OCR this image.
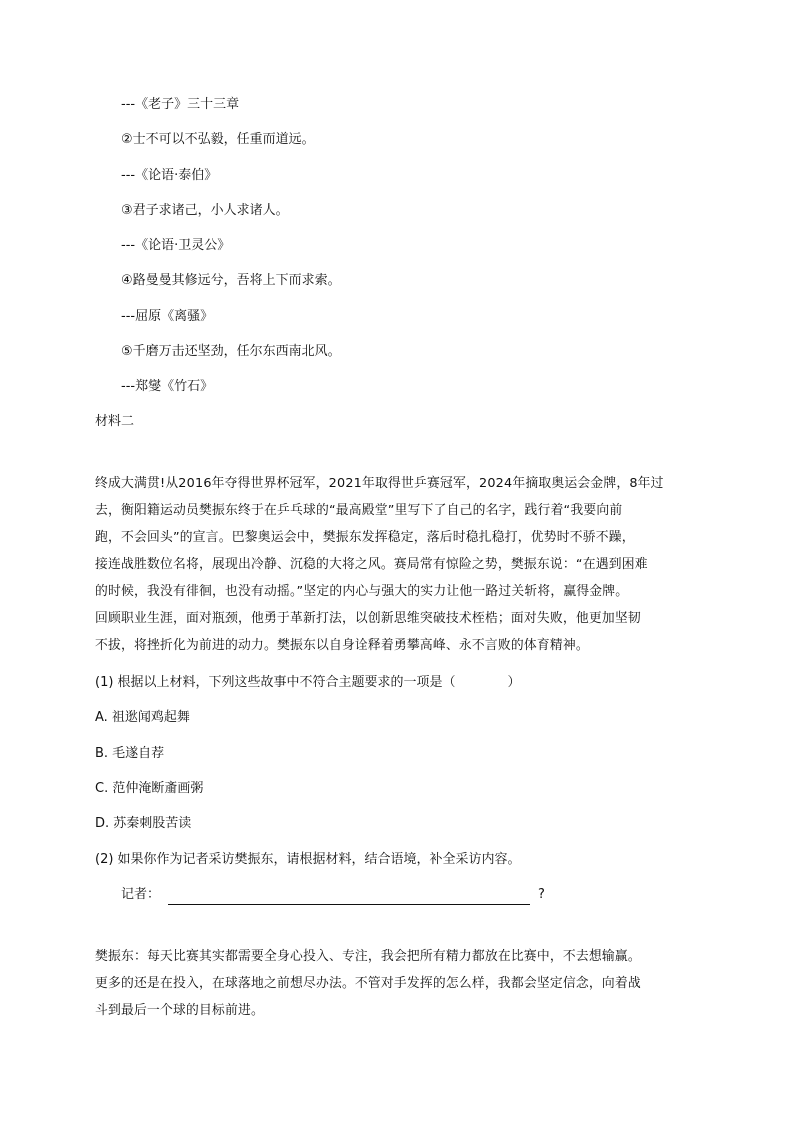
---《老子》三十三章
②士不可以不弘毅，任重而道远。
---《论语·泰伯》
③君子求诸己，小人求诸人。
---《论语·卫灵公》
④路曼曼其修远兮，吾将上下而求索。
---屈原《离骚》
⑤千磨万击还坚劲，任尔东西南北风。
---郑燮《竹石》
材料二
终成大满贯!从2016年夺得世界杯冠军，2021年取得世乒赛冠军，2024年摘取奥运会金牌，8年过
去，衡阳籍运动员樊振东终于在乒乓球的“最高殿堂”里写下了自己的名字，践行着“我要向前
跑，不会回头”的宣言。巴黎奥运会中，樊振东发挥稳定，落后时稳扎稳打，优势时不骄不躁，
接连战胜数位名将，展现出冷静、沉稳的大将之风。赛局常有惊险之势，樊振东说：“在遇到困难
的时候，我没有徘徊，也没有动摇。”坚定的内心与强大的实力让他一路过关斩将，赢得金牌。
回顾职业生涯，面对瓶颈，他勇于革新打法，以创新思维突破技术桎梏；面对失败，他更加坚韧
不拔，将挫折化为前进的动力。樊振东以自身诠释着勇攀高峰、永不言败的体育精神。
(1) 根据以上材料，下列这些故事中不符合主题要求的一项是（　　　　）
A. 祖逖闻鸡起舞
B. 毛遂自荐
C. 范仲淹断齑画粥
D. 苏秦刺股苦读
(2) 如果你作为记者采访樊振东，请根据材料，结合语境，补全采访内容。
记者：	?
樊振东：每天比赛其实都需要全身心投入、专注，我会把所有精力都放在比赛中，不去想输赢。
更多的还是在投入，在球落地之前想尽办法。不管对手发挥的怎么样，我都会坚定信念，向着战
斗到最后一个球的目标前进。
